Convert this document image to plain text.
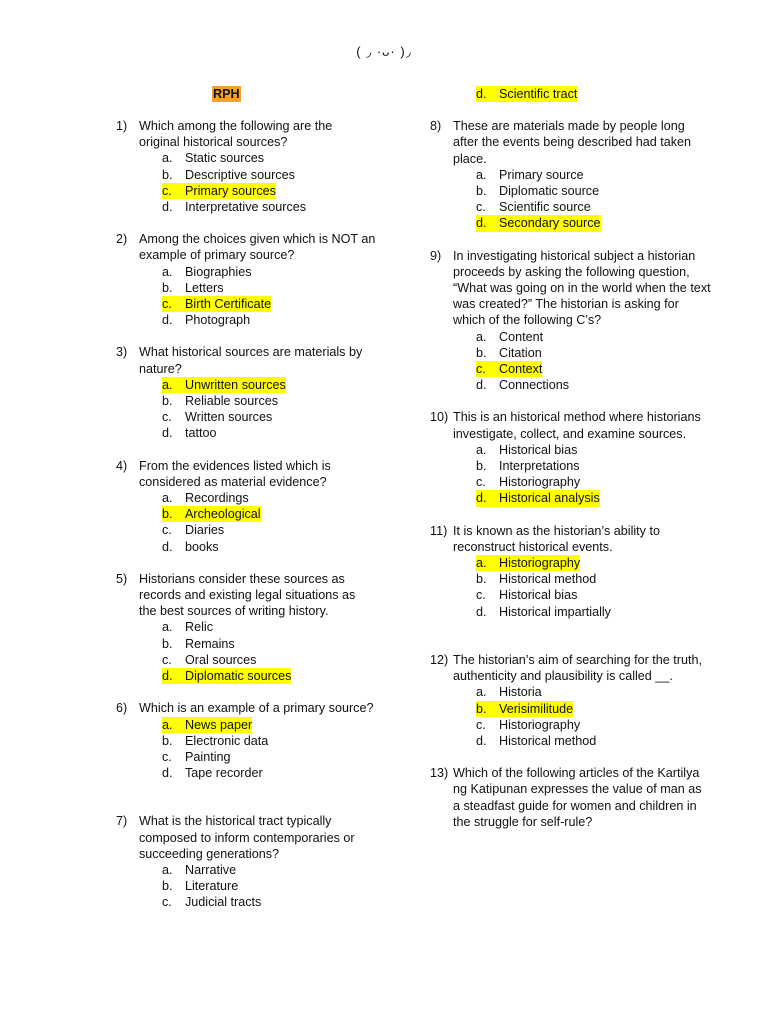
( ◞ ·ᴗ· )◞
RPH
1) Which among the following are the original historical sources?
a. Static sources
b. Descriptive sources
c.	Primary sources
d. Interpretative sources
2) Among the choices given which is NOT an example of primary source?
a. Biographies
b. Letters
c.	Birth Certificate
d. Photograph
3) What historical sources are materials by nature?
a. Unwritten sources
b. Reliable sources
c.	Written sources
d. tattoo
4) From the evidences listed which is considered as material evidence?
a. Recordings
b. Archeological
c.	Diaries
d. books
5) Historians consider these sources as records and existing legal situations as the best sources of writing history.
a. Relic
b. Remains
c.	Oral sources
d. Diplomatic sources
6) Which is an example of a primary source?
a. News paper
b. Electronic data
c.	Painting
d. Tape recorder
7) What is the historical tract typically composed to inform contemporaries or succeeding generations?
a. Narrative
b. Literature
c.	Judicial tracts
d. Scientific tract
8) These are materials made by people long after the events being described had taken place.
a. Primary source
b. Diplomatic source
c.	Scientific source
d. Secondary source
9) In investigating historical subject a historian proceeds by asking the following question, “What was going on in the world when the text was created?” The historian is asking for which of the following C’s?
a. Content
b. Citation
c.	Context
d. Connections
10) This is an historical method where historians investigate, collect, and examine sources.
a. Historical bias
b. Interpretations
c.	Historiography
d. Historical analysis
11) It is known as the historian’s ability to reconstruct historical events.
a. Historiography
b. Historical method
c.	Historical bias
d. Historical impartially
12) The historian’s aim of searching for the truth, authenticity and plausibility is called __.
a. Historia
b. Verisimilitude
c.	Historiography
d. Historical method
13) Which of the following articles of the Kartilya ng Katipunan expresses the value of man as a steadfast guide for women and children in the struggle for self-rule?
